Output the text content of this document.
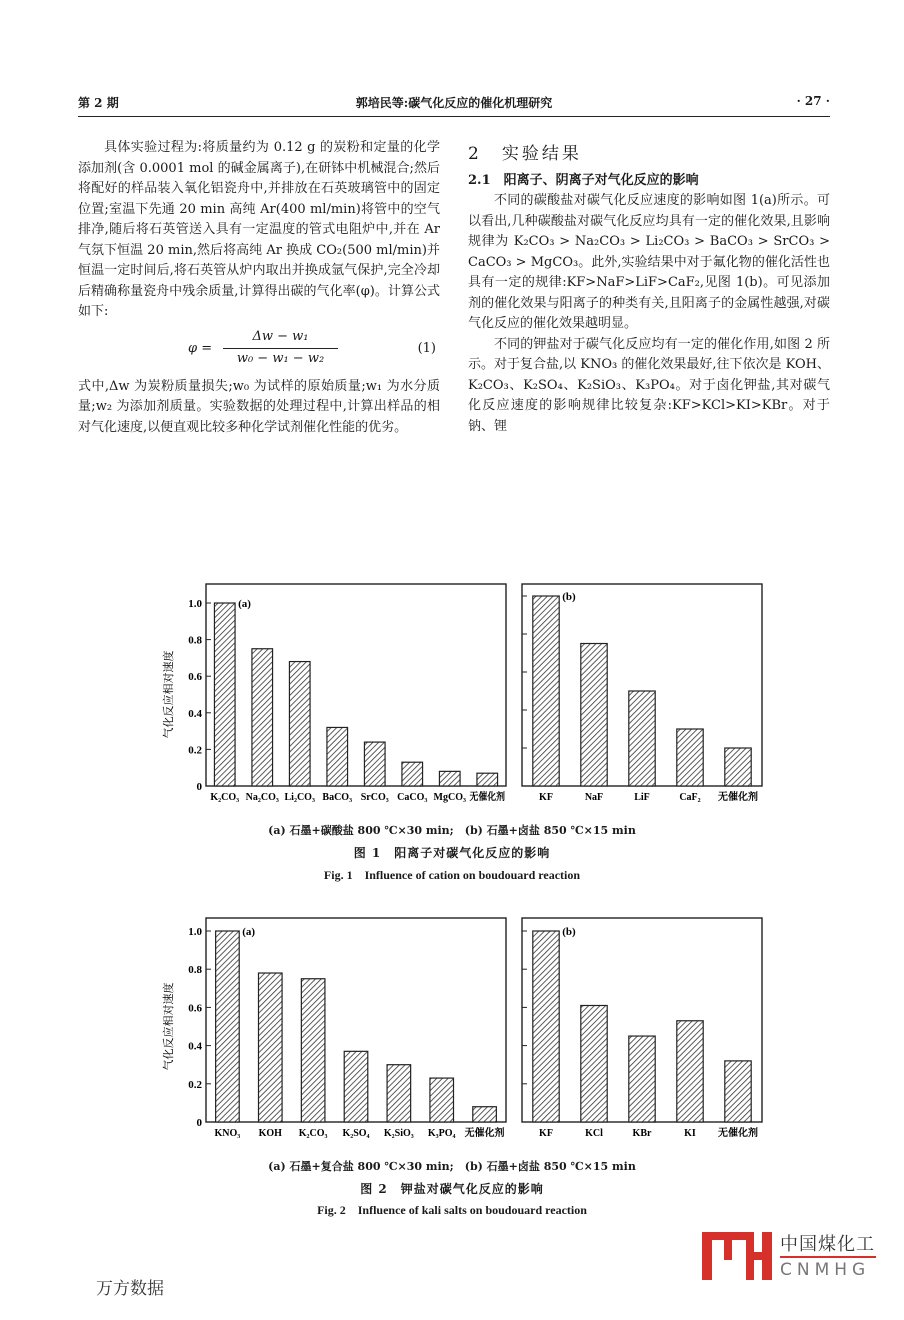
第 2 期	郭培民等:碳气化反应的催化机理研究	· 27 ·

具体实验过程为:将质量约为 0.12 g 的炭粉和定量的化学添加剂(含 0.0001 mol 的碱金属离子),在研钵中机械混合;然后将配好的样品装入氧化铝瓷舟中,并排放在石英玻璃管中的固定位置;室温下先通 20 min 高纯 Ar(400 ml/min)将管中的空气排净,随后将石英管送入具有一定温度的管式电阻炉中,并在 Ar 气氛下恒温 20 min,然后将高纯 Ar 换成 CO₂(500 ml/min)并恒温一定时间后,将石英管从炉内取出并换成氩气保护,完全冷却后精确称量瓷舟中残余质量,计算得出碳的气化率(φ)。计算公式如下:

$\varphi = \frac{\text{Δw − w₁}}{\text{w₀ − w₁ − w₂}}$	(1)

式中,Δw 为炭粉质量损失;w₀ 为试样的原始质量;w₁ 为水分质量;w₂ 为添加剂质量。实验数据的处理过程中,计算出样品的相对气化速度,以便直观比较多种化学试剂催化性能的优劣。

2　实验结果

2.1　阳离子、阴离子对气化反应的影响

不同的碳酸盐对碳气化反应速度的影响如图 1(a)所示。可以看出,几种碳酸盐对碳气化反应均具有一定的催化效果,且影响规律为 K₂CO₃ > Na₂CO₃ > Li₂CO₃ > BaCO₃ > SrCO₃ > CaCO₃ > MgCO₃。此外,实验结果中对于氟化物的催化活性也具有一定的规律:KF>NaF>LiF>CaF₂,见图 1(b)。可见添加剂的催化效果与阳离子的种类有关,且阳离子的金属性越强,对碳气化反应的催化效果越明显。

不同的钾盐对于碳气化反应均有一定的催化作用,如图 2 所示。对于复合盐,以 KNO₃ 的催化效果最好,往下依次是 KOH、K₂CO₃、K₂SO₄、K₂SiO₃、K₃PO₄。对于卤化钾盐,其对碳气化反应速度的影响规律比较复杂:KF>KCl>KI>KBr。对于钠、锂

0
0.2
0.4
0.6
0.8
1.0
气化反应相对速度
(a)
K₂CO₃ Na₂CO₃ Li₂CO₃ BaCO₃ SrCO₃ CaCO₃ MgCO₃ 无催化剂
(b)
KF	NaF	LiF	CaF₂ 无催化剂
(a) 石墨+碳酸盐 800 ℃×30 min;　(b) 石墨+卤盐 850 ℃×15 min
图 1　阳离子对碳气化反应的影响
Fig. 1　Influence of cation on boudouard reaction
0
0.2
0.4
0.6
0.8
1.0
气化反应相对速度
(a)
KNO₃ KOH K₂CO₃ K₂SO₄ K₂SiO₃ K₃PO₄ 无催化剂
(b)
KF	KCl	KBr	KI 无催化剂
(a) 石墨+复合盐 800 ℃×30 min;　(b) 石墨+卤盐 850 ℃×15 min
图 2　钾盐对碳气化反应的影响
Fig. 2　Influence of kali salts on boudouard reaction
中国煤化工
CNMHG
万方数据
